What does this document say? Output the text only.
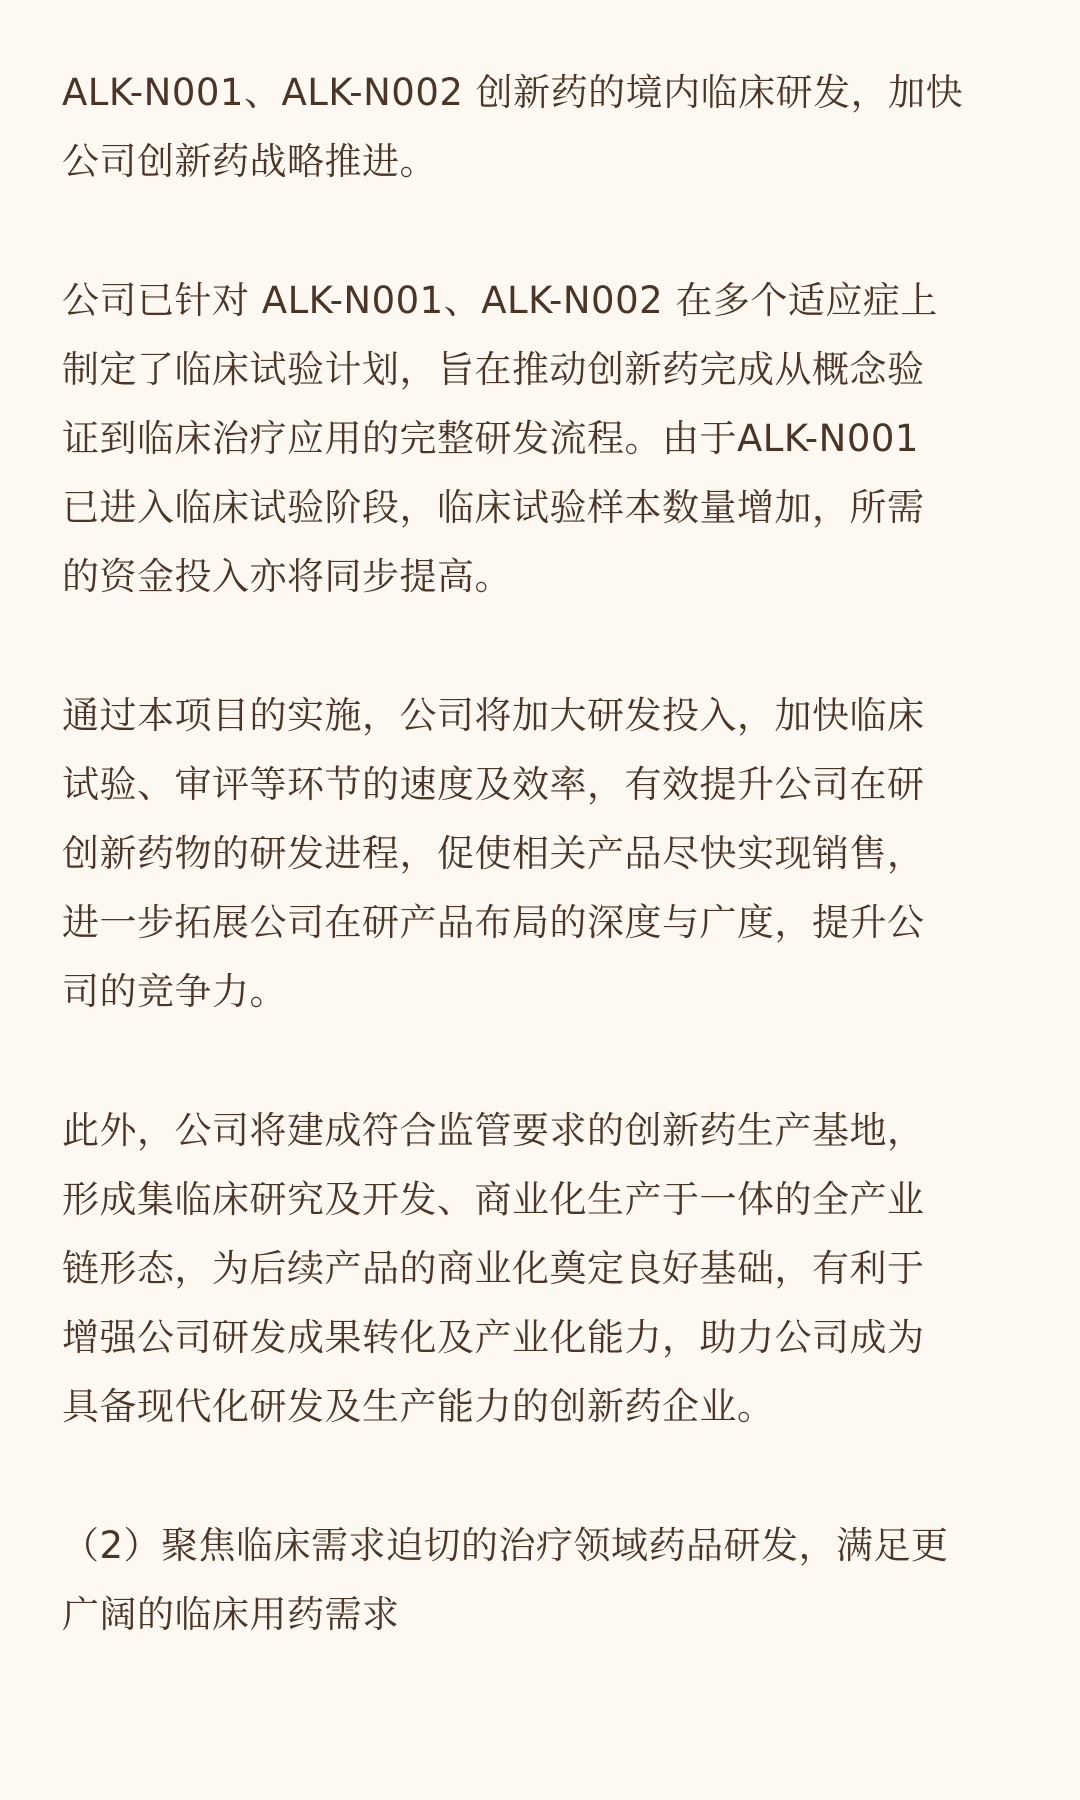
ALK-N001、ALK-N002 创新药的境内临床研发，加快
公司创新药战略推进。

公司已针对 ALK-N001、ALK-N002 在多个适应症上
制定了临床试验计划，旨在推动创新药完成从概念验
证到临床治疗应用的完整研发流程。由于ALK-N001
已进入临床试验阶段，临床试验样本数量增加，所需
的资金投入亦将同步提高。

通过本项目的实施，公司将加大研发投入，加快临床
试验、审评等环节的速度及效率，有效提升公司在研
创新药物的研发进程，促使相关产品尽快实现销售，
进一步拓展公司在研产品布局的深度与广度，提升公
司的竞争力。

此外，公司将建成符合监管要求的创新药生产基地，
形成集临床研究及开发、商业化生产于一体的全产业
链形态，为后续产品的商业化奠定良好基础，有利于
增强公司研发成果转化及产业化能力，助力公司成为
具备现代化研发及生产能力的创新药企业。

（2）聚焦临床需求迫切的治疗领域药品研发，满足更
广阔的临床用药需求
